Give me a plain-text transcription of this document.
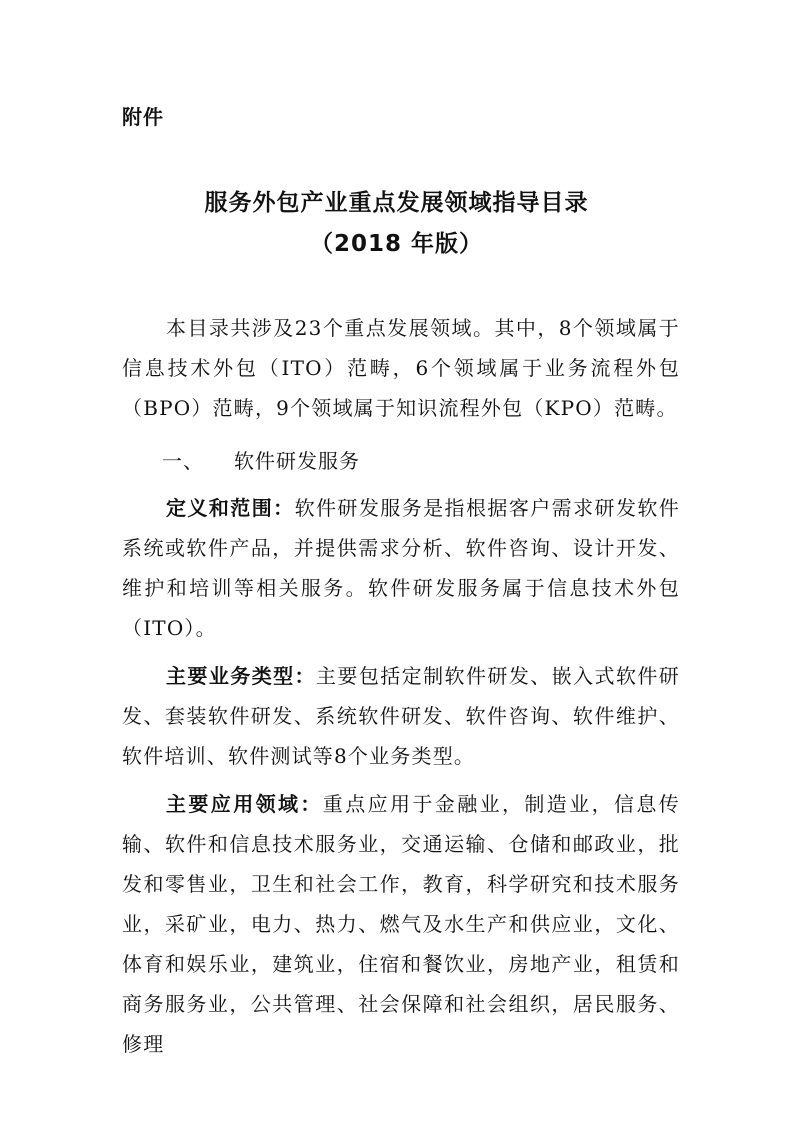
附件
服务外包产业重点发展领域指导目录
（2018 年版）

本目录共涉及23个重点发展领域。其中，8个领域属于信息技术外包（ITO）范畴，6个领域属于业务流程外包（BPO）范畴，9个领域属于知识流程外包（KPO）范畴。

一、 软件研发服务

定义和范围：软件研发服务是指根据客户需求研发软件系统或软件产品，并提供需求分析、软件咨询、设计开发、维护和培训等相关服务。软件研发服务属于信息技术外包（ITO）。

主要业务类型：主要包括定制软件研发、嵌入式软件研发、套装软件研发、系统软件研发、软件咨询、软件维护、软件培训、软件测试等8个业务类型。

主要应用领域：重点应用于金融业，制造业，信息传输、软件和信息技术服务业，交通运输、仓储和邮政业，批发和零售业，卫生和社会工作，教育，科学研究和技术服务业，采矿业，电力、热力、燃气及水生产和供应业，文化、体育和娱乐业，建筑业，住宿和餐饮业，房地产业，租赁和商务服务业，公共管理、社会保障和社会组织，居民服务、修理
